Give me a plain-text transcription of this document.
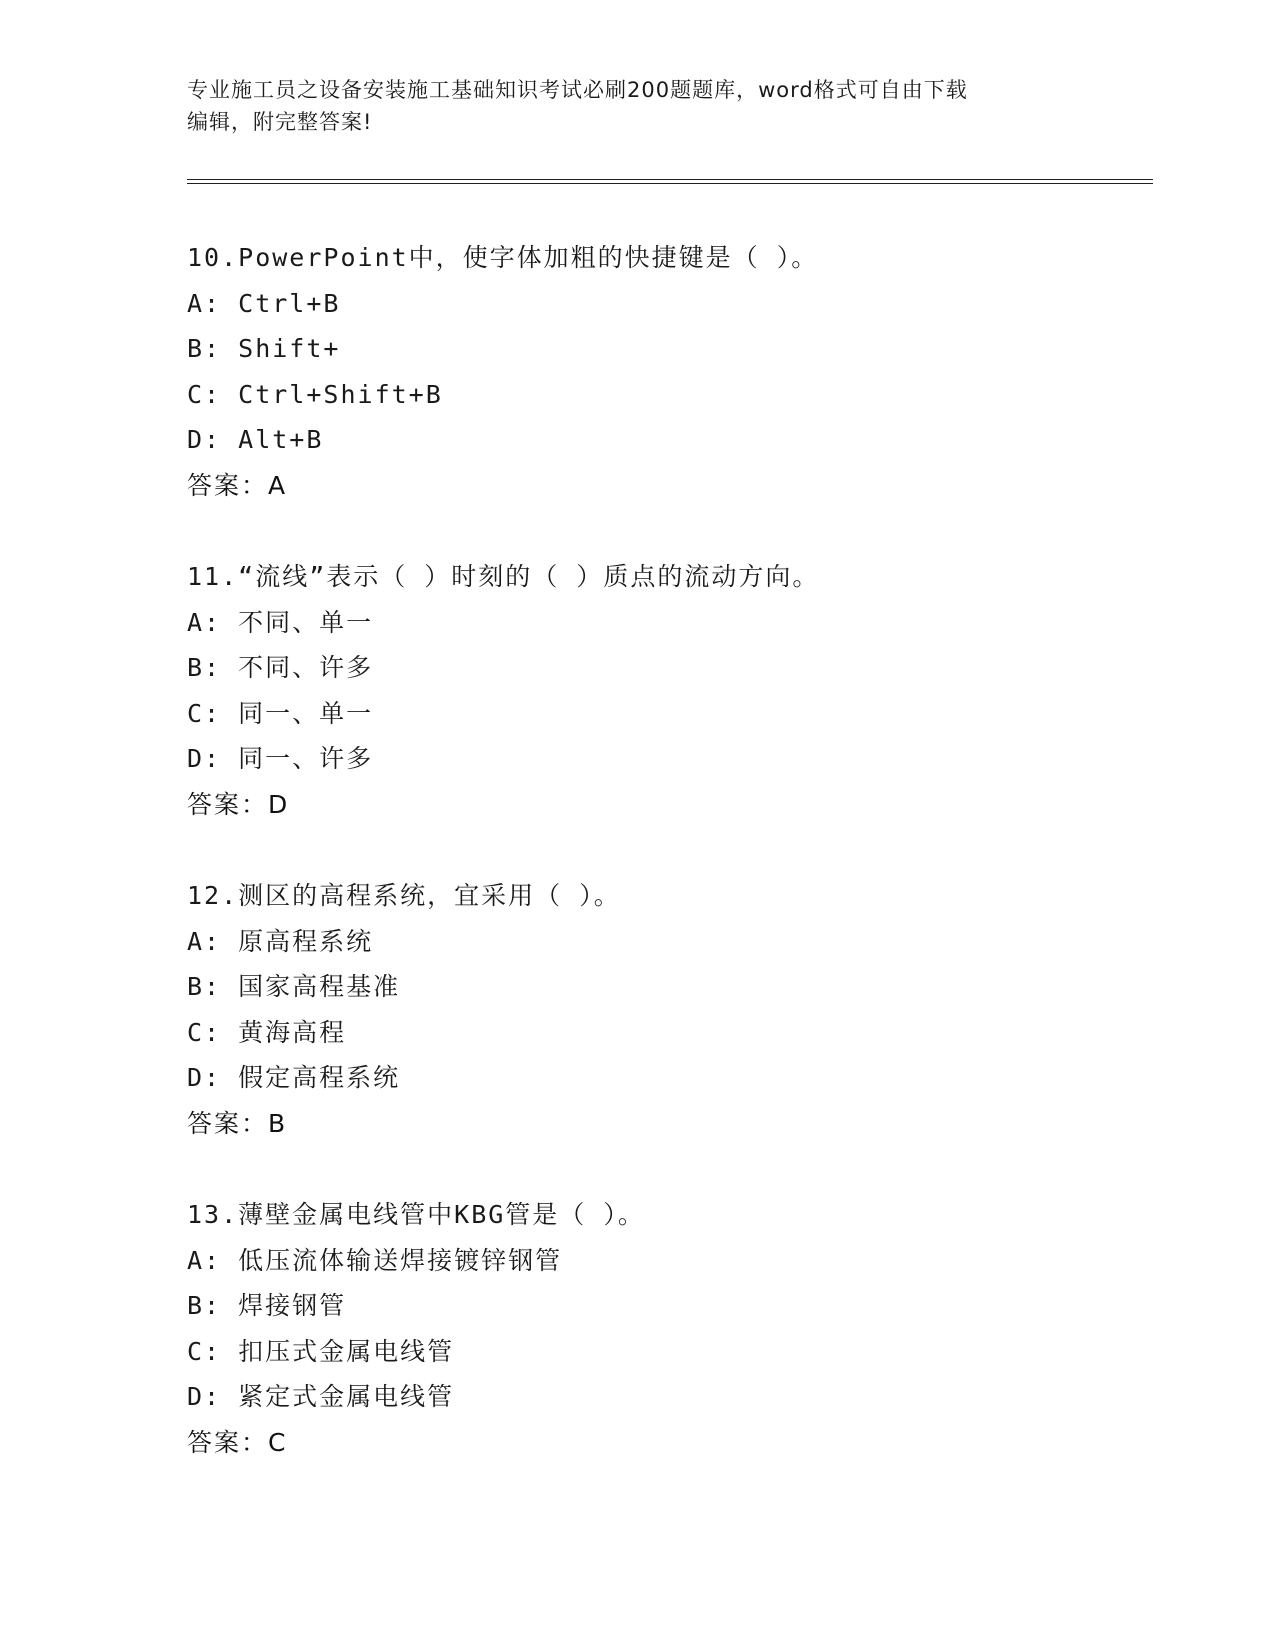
专业施工员之设备安装施工基础知识考试必刷200题题库，word格式可自由下载
编辑，附完整答案!
10.PowerPoint中，使字体加粗的快捷键是（ ）。
A: Ctrl+B
B: Shift+
C: Ctrl+Shift+B
D: Alt+B
答案：A
11.“流线”表示（ ）时刻的（ ）质点的流动方向。
A: 不同、单一
B: 不同、许多
C: 同一、单一
D: 同一、许多
答案：D
12.测区的高程系统，宜采用（ ）。
A: 原高程系统
B: 国家高程基准
C: 黄海高程
D: 假定高程系统
答案：B
13.薄壁金属电线管中KBG管是（ ）。
A: 低压流体输送焊接镀锌钢管
B: 焊接钢管
C: 扣压式金属电线管
D: 紧定式金属电线管
答案：C
